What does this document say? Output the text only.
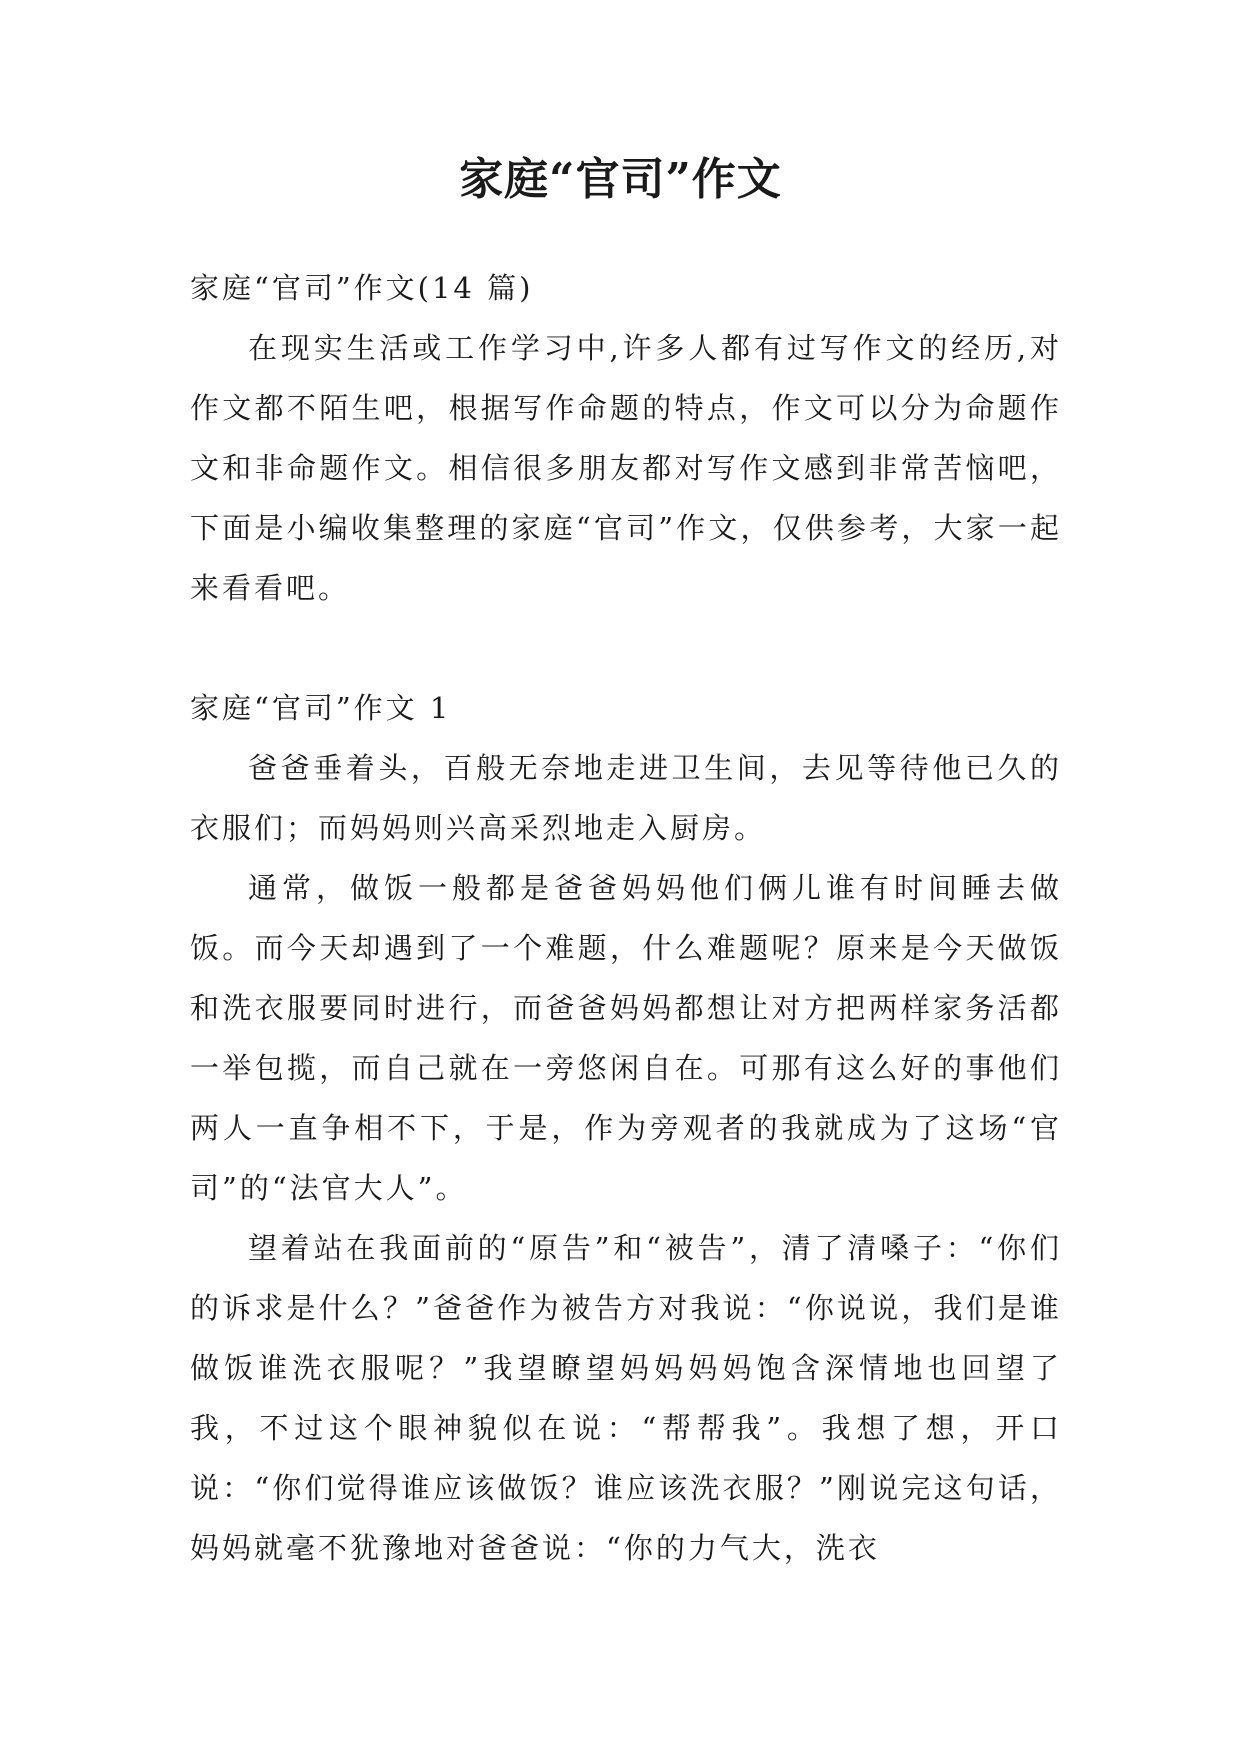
家庭“官司”作文

家庭“官司”作文(14 篇)

在现实生活或工作学习中,许多人都有过写作文的经历,对作文都不陌生吧，根据写作命题的特点，作文可以分为命题作文和非命题作文。相信很多朋友都对写作文感到非常苦恼吧，下面是小编收集整理的家庭“官司”作文，仅供参考，大家一起来看看吧。

家庭“官司”作文 1

爸爸垂着头，百般无奈地走进卫生间，去见等待他已久的衣服们；而妈妈则兴高采烈地走入厨房。

通常，做饭一般都是爸爸妈妈他们俩儿谁有时间睡去做饭。而今天却遇到了一个难题，什么难题呢？原来是今天做饭和洗衣服要同时进行，而爸爸妈妈都想让对方把两样家务活都一举包揽，而自己就在一旁悠闲自在。可那有这么好的事他们两人一直争相不下，于是，作为旁观者的我就成为了这场“官司”的“法官大人”。

望着站在我面前的“原告”和“被告”，清了清嗓子：“你们的诉求是什么？”爸爸作为被告方对我说：“你说说，我们是谁做饭谁洗衣服呢？”我望瞭望妈妈妈妈饱含深情地也回望了我，不过这个眼神貌似在说：“帮帮我”。我想了想，开口说：“你们觉得谁应该做饭？谁应该洗衣服？”刚说完这句话，妈妈就毫不犹豫地对爸爸说：“你的力气大，洗衣
